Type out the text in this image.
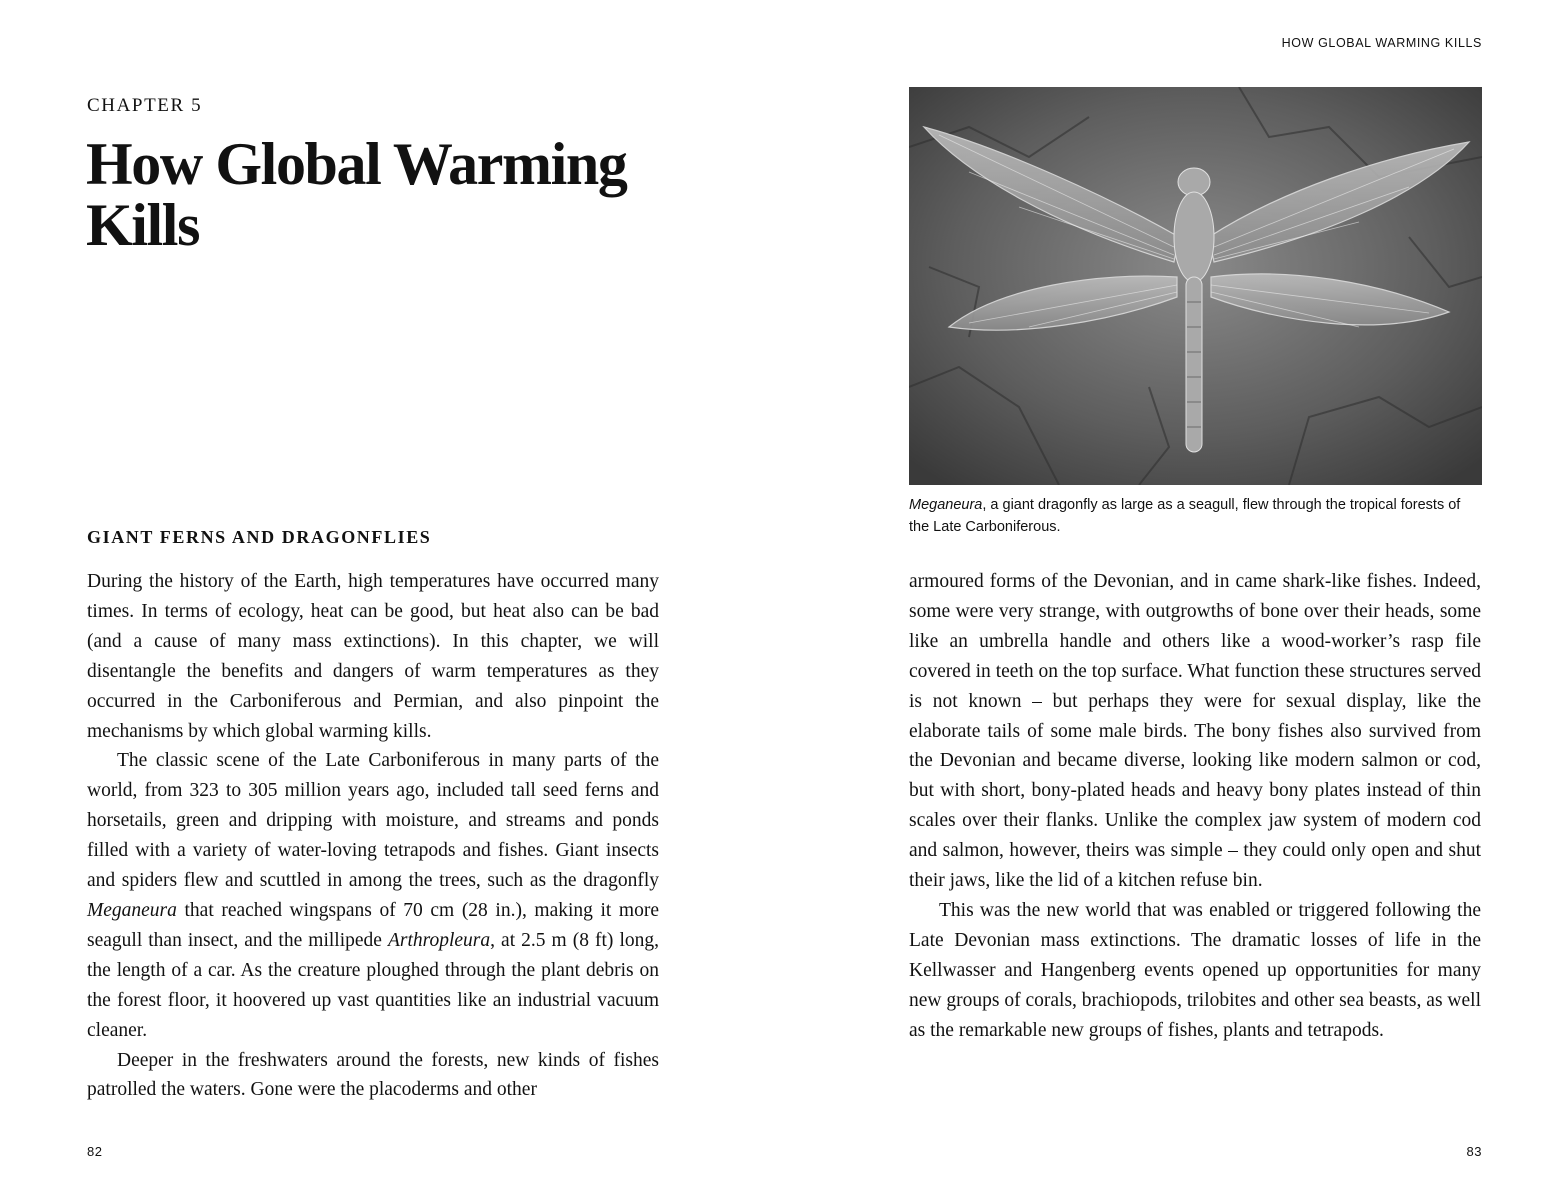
CHAPTER 5
How Global Warming Kills
GIANT FERNS AND DRAGONFLIES

During the history of the Earth, high temperatures have occurred many times. In terms of ecology, heat can be good, but heat also can be bad (and a cause of many mass extinctions). In this chapter, we will disentangle the benefits and dangers of warm temperatures as they occurred in the Carboniferous and Permian, and also pinpoint the mechanisms by which global warming kills.

The classic scene of the Late Carboniferous in many parts of the world, from 323 to 305 million years ago, included tall seed ferns and horsetails, green and dripping with moisture, and streams and ponds filled with a variety of water-loving tetrapods and fishes. Giant insects and spiders flew and scuttled in among the trees, such as the dragonfly Meganeura that reached wingspans of 70 cm (28 in.), making it more seagull than insect, and the millipede Arthropleura, at 2.5 m (8 ft) long, the length of a car. As the creature ploughed through the plant debris on the forest floor, it hoovered up vast quantities like an industrial vacuum cleaner.

Deeper in the freshwaters around the forests, new kinds of fishes patrolled the waters. Gone were the placoderms and other

82
HOW GLOBAL WARMING KILLS
Meganeura, a giant dragonfly as large as a seagull, flew through the tropical forests of the Late Carboniferous.

armoured forms of the Devonian, and in came shark-like fishes. Indeed, some were very strange, with outgrowths of bone over their heads, some like an umbrella handle and others like a wood-worker’s rasp file covered in teeth on the top surface. What function these structures served is not known – but perhaps they were for sexual display, like the elaborate tails of some male birds. The bony fishes also survived from the Devonian and became diverse, looking like modern salmon or cod, but with short, bony-plated heads and heavy bony plates instead of thin scales over their flanks. Unlike the complex jaw system of modern cod and salmon, however, theirs was simple – they could only open and shut their jaws, like the lid of a kitchen refuse bin.

This was the new world that was enabled or triggered following the Late Devonian mass extinctions. The dramatic losses of life in the Kellwasser and Hangenberg events opened up opportunities for many new groups of corals, brachiopods, trilobites and other sea beasts, as well as the remarkable new groups of fishes, plants and tetrapods.

83
